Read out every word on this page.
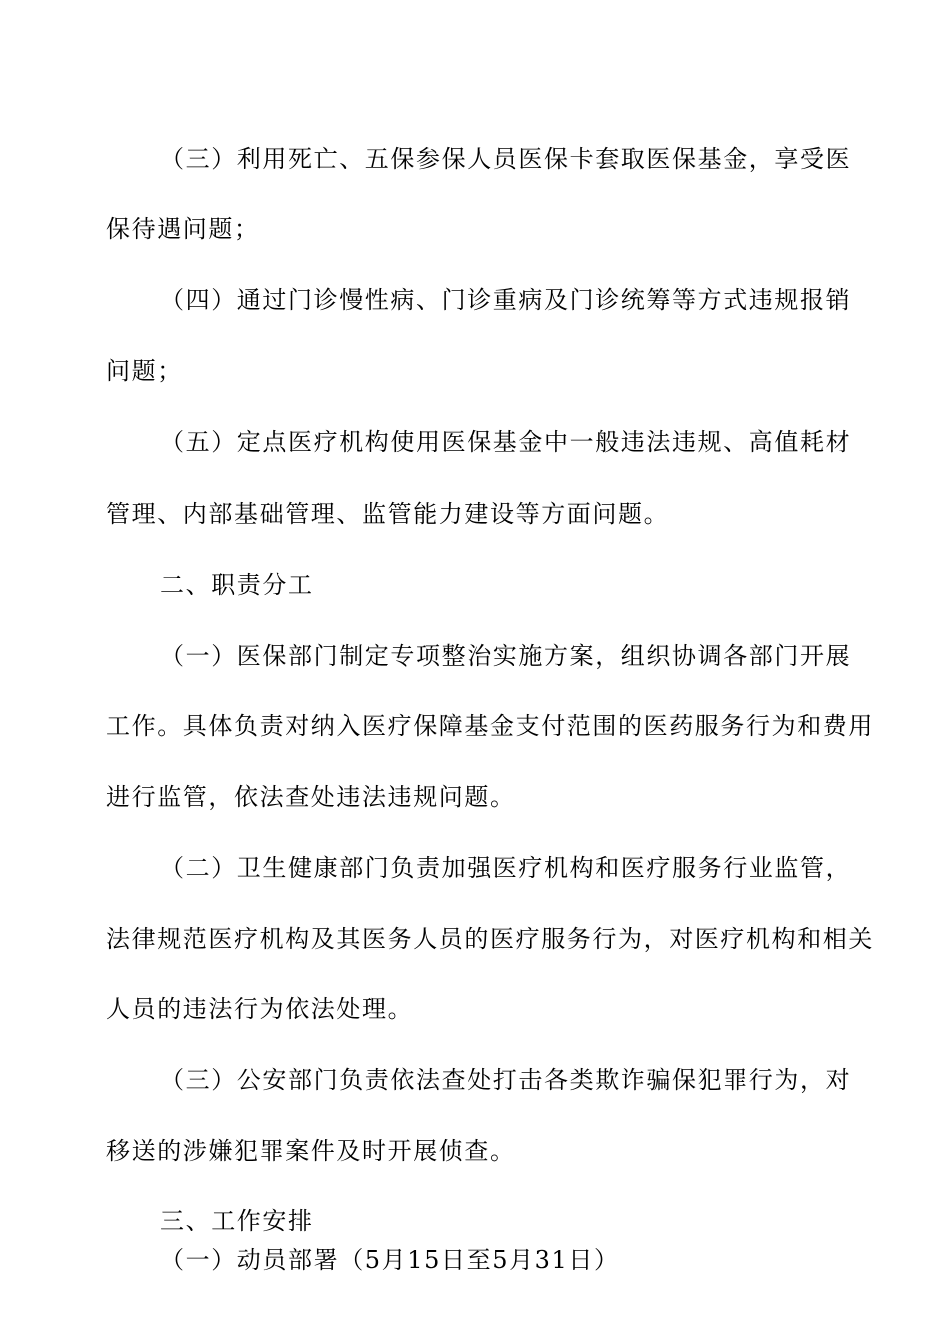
（三）利用死亡、五保参保人员医保卡套取医保基金，享受医
保待遇问题；
（四）通过门诊慢性病、门诊重病及门诊统筹等方式违规报销
问题；
（五）定点医疗机构使用医保基金中一般违法违规、高值耗材
管理、内部基础管理、监管能力建设等方面问题。
二、职责分工
（一）医保部门制定专项整治实施方案，组织协调各部门开展
工作。具体负责对纳入医疗保障基金支付范围的医药服务行为和费用
进行监管，依法查处违法违规问题。
（二）卫生健康部门负责加强医疗机构和医疗服务行业监管，
法律规范医疗机构及其医务人员的医疗服务行为，对医疗机构和相关
人员的违法行为依法处理。
（三）公安部门负责依法查处打击各类欺诈骗保犯罪行为，对
移送的涉嫌犯罪案件及时开展侦查。
三、工作安排
（一）动员部署（5月15日至5月31日）
